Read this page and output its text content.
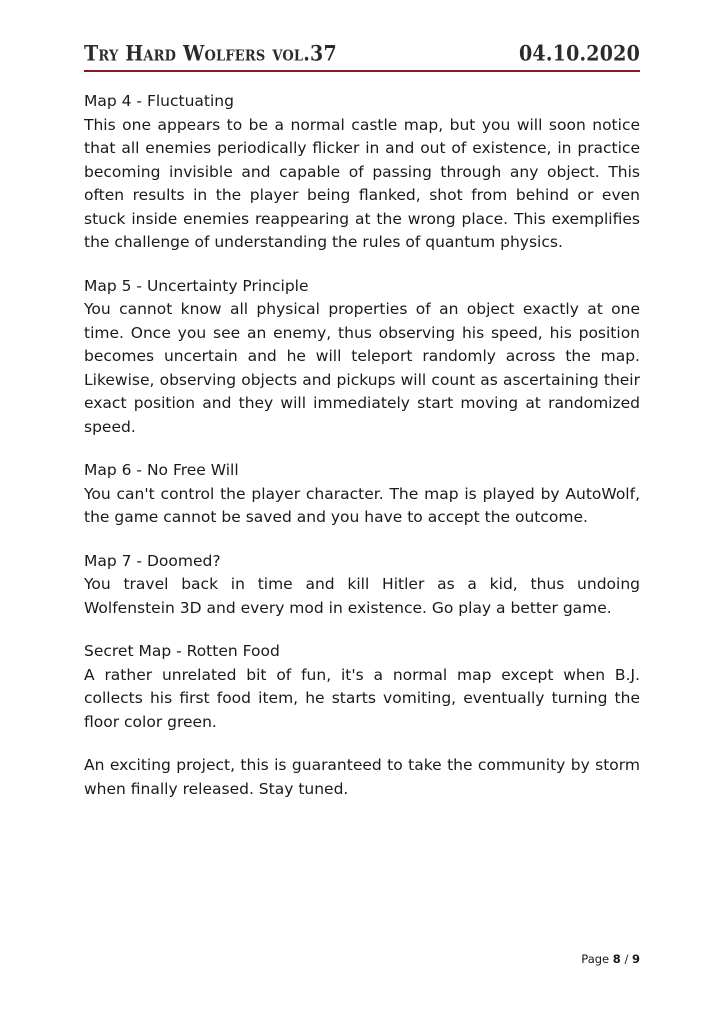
Try Hard Wolfers vol.37	04.10.2020
Map 4 - Fluctuating
This one appears to be a normal castle map, but you will soon notice that all enemies periodically flicker in and out of existence, in practice becoming invisible and capable of passing through any object. This often results in the player being flanked, shot from behind or even stuck inside enemies reappearing at the wrong place. This exemplifies the challenge of understanding the rules of quantum physics.
Map 5 - Uncertainty Principle
You cannot know all physical properties of an object exactly at one time. Once you see an enemy, thus observing his speed, his position becomes uncertain and he will teleport randomly across the map. Likewise, observing objects and pickups will count as ascertaining their exact position and they will immediately start moving at randomized speed.
Map 6 - No Free Will
You can't control the player character. The map is played by AutoWolf, the game cannot be saved and you have to accept the outcome.
Map 7 - Doomed?
You travel back in time and kill Hitler as a kid, thus undoing Wolfenstein 3D and every mod in existence. Go play a better game.
Secret Map - Rotten Food
A rather unrelated bit of fun, it's a normal map except when B.J. collects his first food item, he starts vomiting, eventually turning the floor color green.
An exciting project, this is guaranteed to take the community by storm when finally released. Stay tuned.
Page 8 / 9
